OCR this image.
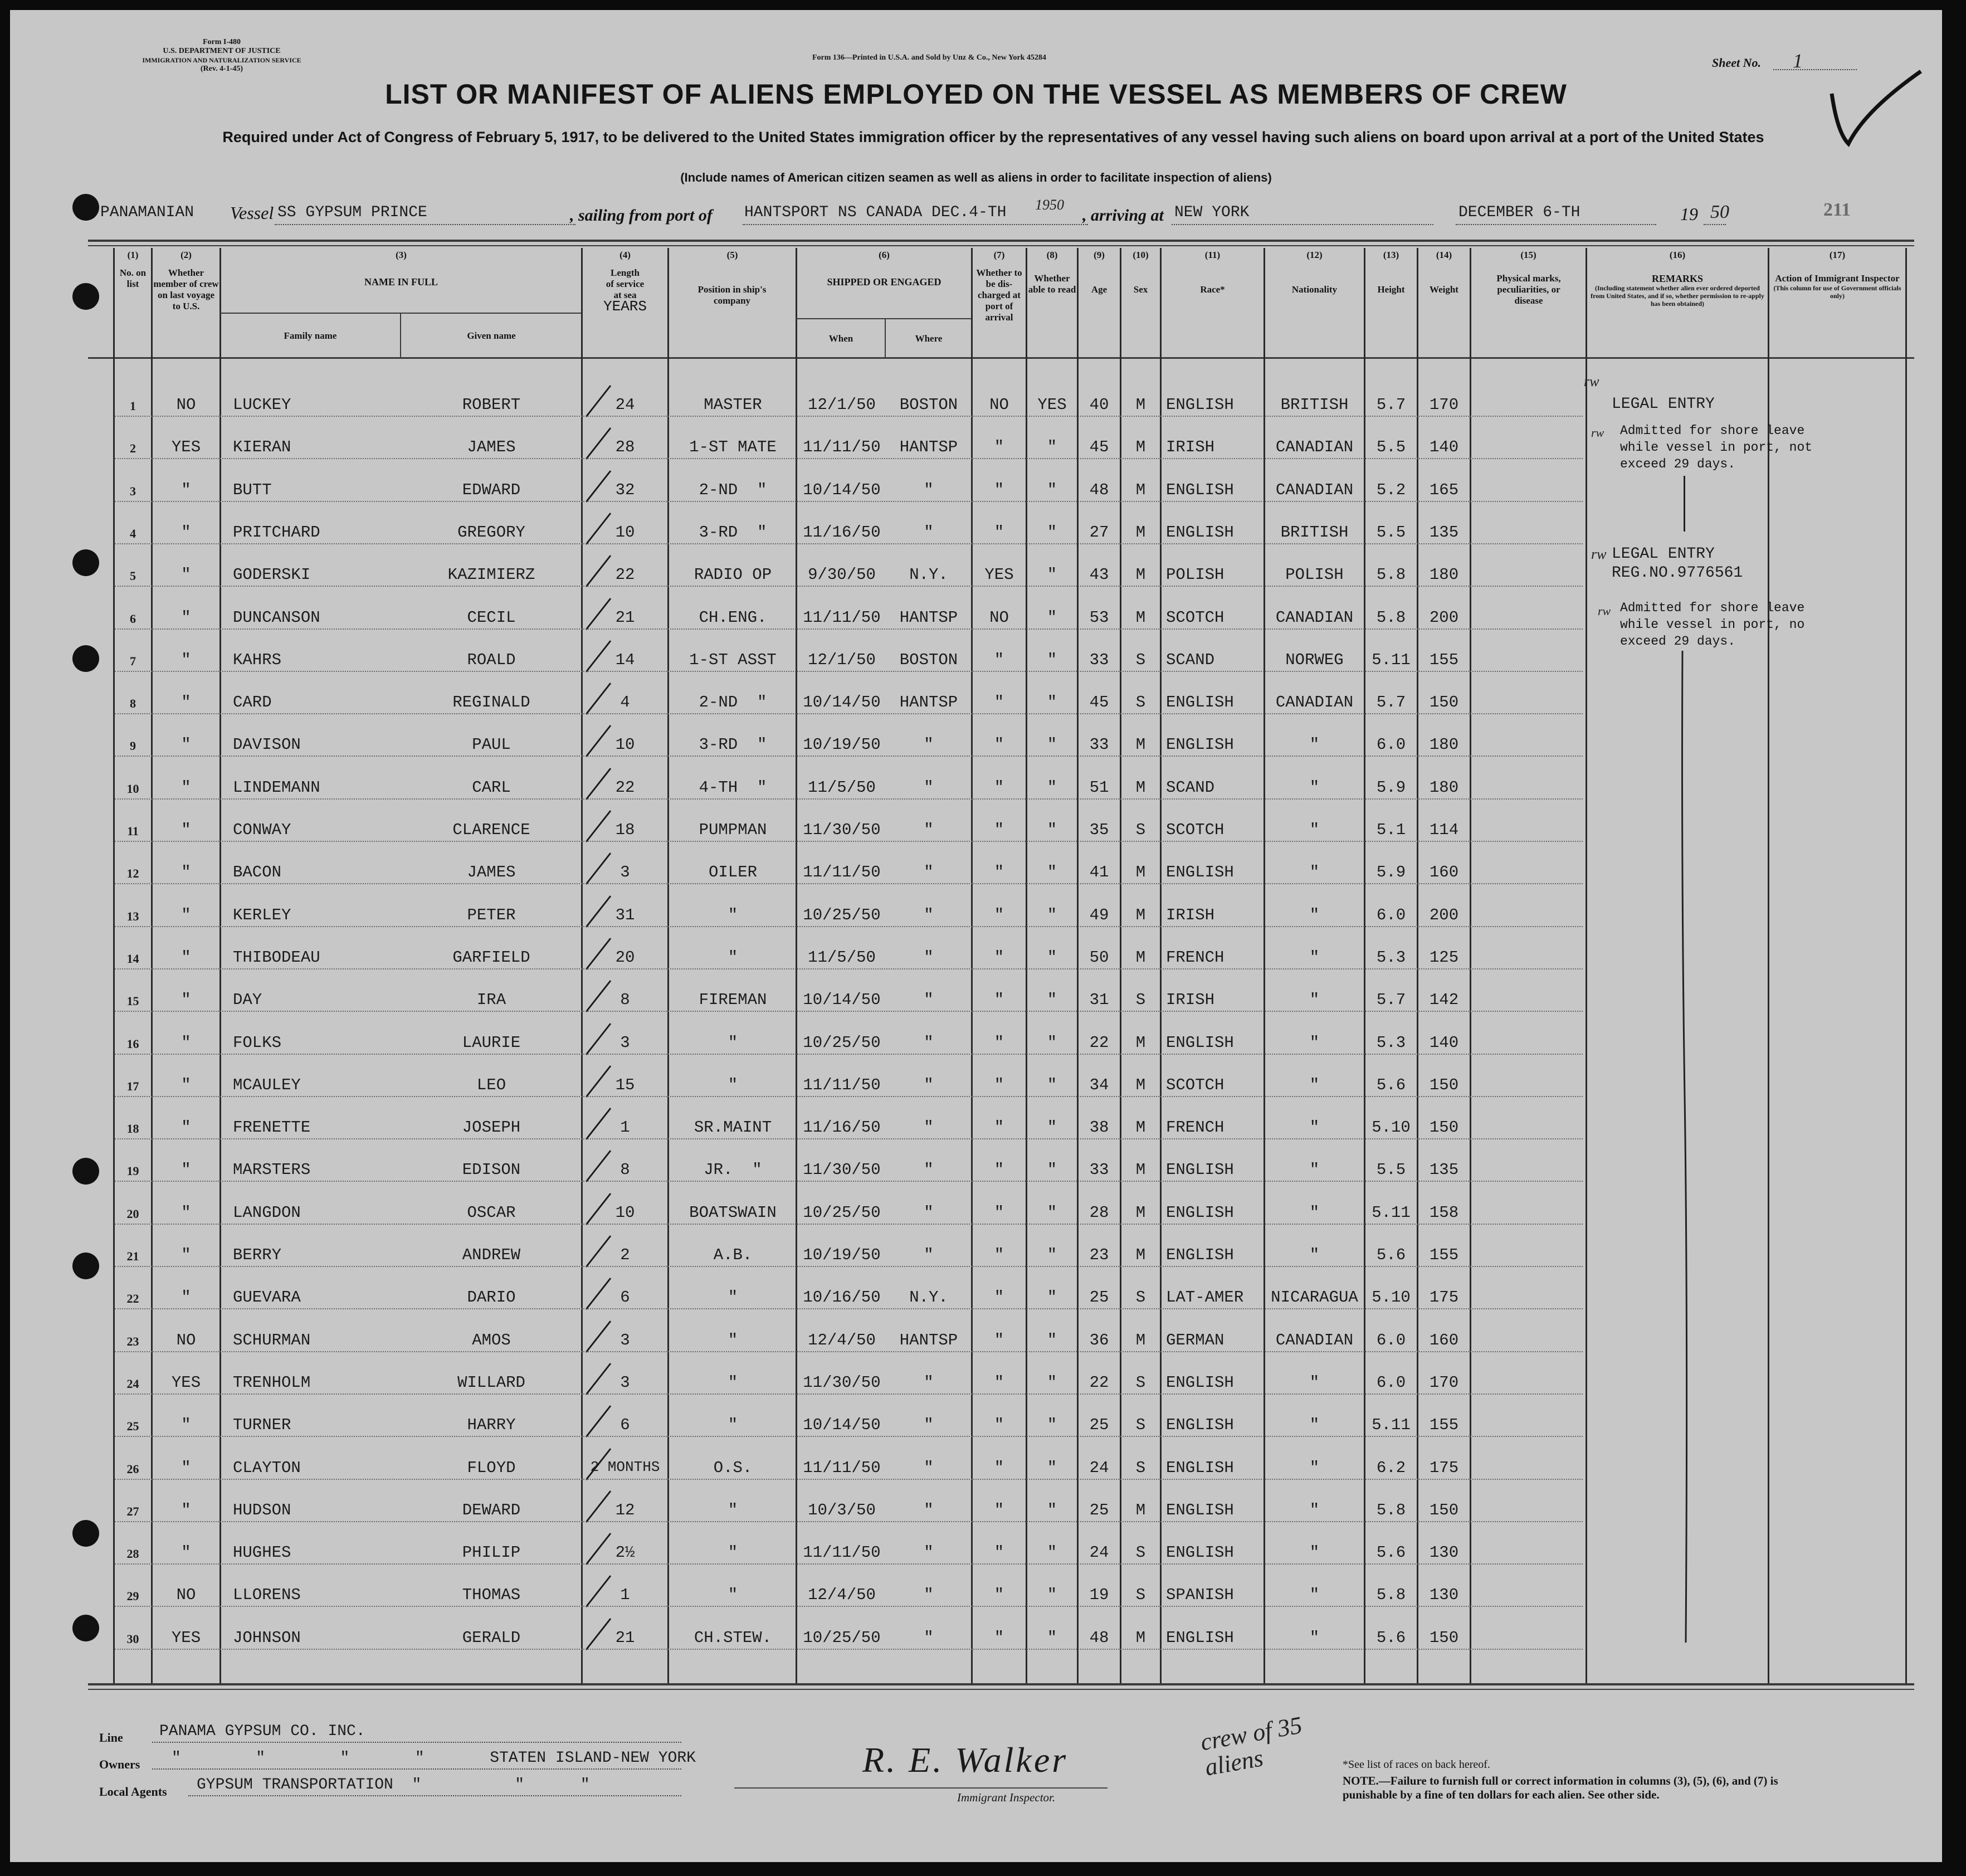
Form I-480
U.S. DEPARTMENT OF JUSTICE
IMMIGRATION AND NATURALIZATION SERVICE
(Rev. 4-1-45)
Form 136—Printed in U.S.A. and Sold by Unz & Co., New York 45284	Sheet No. 1
LIST OR MANIFEST OF ALIENS EMPLOYED ON THE VESSEL AS MEMBERS OF CREW
Required under Act of Congress of February 5, 1917, to be delivered to the United States immigration officer by the representatives of any vessel having such aliens on board upon arrival at a port of the United States
(Include names of American citizen seamen as well as aliens in order to facilitate inspection of aliens)
PANAMANIAN Vessel SS GYPSUM PRINCE	, sailing from port of HANTSPORT NS CANADA DEC.4-TH 1950
, arriving at NEW YORK	DECEMBER 6-TH	19 50	211
(1)
No. on list
(2)
Whether member of crew on last voyage to U.S.
(3)
NAME IN FULL
Family name	Given name
(4)
Length of service at sea
YEARS
(5)
Position in ship's company
(6)
SHIPPED OR ENGAGED
When	Where
(7)
Whether to be dis-charged at port of arrival
(8)
Whether able to read
(9)
Age
(10)
Sex
(11)
Race*
(12)
Nationality
(13)
Height
(14)
Weight
(15)
Physical marks, peculiarities, or disease
(16)
REMARKS
(Including statement whether alien ever ordered deported from United States, and if so, whether permission to re-apply has been obtained)
(17)
Action of Immigrant Inspector
(This column for use of Government officials only)
1	NO	LUCKEY	ROBERT	24	MASTER	12/1/50	BOSTON	NO	YES	40	M	ENGLISH	BRITISH	5.7	170
2	YES	KIERAN	JAMES	28	1-ST MATE	11/11/50	HANTSP	"	"	45	M	IRISH	CANADIAN	5.5	140
3	"	BUTT	EDWARD	32	2-ND  "	10/14/50	"	"	"	48	M	ENGLISH	CANADIAN	5.2	165
4	"	PRITCHARD	GREGORY	10	3-RD  "	11/16/50	"	"	"	27	M	ENGLISH	BRITISH	5.5	135
5	"	GODERSKI	KAZIMIERZ	22	RADIO OP	9/30/50	N.Y.	YES	"	43	M	POLISH	POLISH	5.8	180
6	"	DUNCANSON	CECIL	21	CH.ENG.	11/11/50	HANTSP	NO	"	53	M	SCOTCH	CANADIAN	5.8	200
7	"	KAHRS	ROALD	14	1-ST ASST	12/1/50	BOSTON	"	"	33	S	SCAND	NORWEG	5.11	155
8	"	CARD	REGINALD	4	2-ND  "	10/14/50	HANTSP	"	"	45	S	ENGLISH	CANADIAN	5.7	150
9	"	DAVISON	PAUL	10	3-RD  "	10/19/50	"	"	"	33	M	ENGLISH	"	6.0	180
10	"	LINDEMANN	CARL	22	4-TH  "	11/5/50	"	"	"	51	M	SCAND	"	5.9	180
11	"	CONWAY	CLARENCE	18	PUMPMAN	11/30/50	"	"	"	35	S	SCOTCH	"	5.1	114
12	"	BACON	JAMES	3	OILER	11/11/50	"	"	"	41	M	ENGLISH	"	5.9	160
13	"	KERLEY	PETER	31	"	10/25/50	"	"	"	49	M	IRISH	"	6.0	200
14	"	THIBODEAU	GARFIELD	20	"	11/5/50	"	"	"	50	M	FRENCH	"	5.3	125
15	"	DAY	IRA	8	FIREMAN	10/14/50	"	"	"	31	S	IRISH	"	5.7	142
16	"	FOLKS	LAURIE	3	"	10/25/50	"	"	"	22	M	ENGLISH	"	5.3	140
17	"	MCAULEY	LEO	15	"	11/11/50	"	"	"	34	M	SCOTCH	"	5.6	150
18	"	FRENETTE	JOSEPH	1	SR.MAINT	11/16/50	"	"	"	38	M	FRENCH	"	5.10	150
19	"	MARSTERS	EDISON	8	JR.  "	11/30/50	"	"	"	33	M	ENGLISH	"	5.5	135
20	"	LANGDON	OSCAR	10	BOATSWAIN	10/25/50	"	"	"	28	M	ENGLISH	"	5.11	158
21	"	BERRY	ANDREW	2	A.B.	10/19/50	"	"	"	23	M	ENGLISH	"	5.6	155
22	"	GUEVARA	DARIO	6	"	10/16/50	N.Y.	"	"	25	S	LAT-AMER	NICARAGUA 5.10	175
23	NO	SCHURMAN	AMOS	3	"	12/4/50	HANTSP	"	"	36	M	GERMAN	CANADIAN	6.0	160
24	YES	TRENHOLM	WILLARD	3	"	11/30/50	"	"	"	22	S	ENGLISH	"	6.0	170
25	"	TURNER	HARRY	6	"	10/14/50	"	"	"	25	S	ENGLISH	"	5.11	155
26	"	CLAYTON	FLOYD	2 MONTHS	O.S.	11/11/50	"	"	"	24	S	ENGLISH	"	6.2	175
27	"	HUDSON	DEWARD	12	"	10/3/50	"	"	"	25	M	ENGLISH	"	5.8	150
28	"	HUGHES	PHILIP	2½	"	11/11/50	"	"	"	24	S	ENGLISH	"	5.6	130
29	NO	LLORENS	THOMAS	1	"	12/4/50	"	"	"	19	S	SPANISH	"	5.8	130
30	YES	JOHNSON	GERALD	21	CH.STEW.	10/25/50	"	"	"	48	M	ENGLISH	"	5.6	150
rw
LEGAL ENTRY
rw Admitted for shore leave
while vessel in port, not
exceed 29 days.
rw LEGAL ENTRY
REG.NO.9776561
rw Admitted for shore leave
while vessel in port, no
exceed 29 days.
Line PANAMA GYPSUM CO. INC.
Owners "        "        "       "       STATEN ISLAND-NEW YORK
Local Agents GYPSUM TRANSPORTATION  "          "      "
R. E. Walker
Immigrant Inspector.
crew of 35 aliens	*See list of races on back hereof.
NOTE.—Failure to furnish full or correct information in columns (3), (5), (6), and (7) is punishable by a fine of ten dollars for each alien. See other side.
